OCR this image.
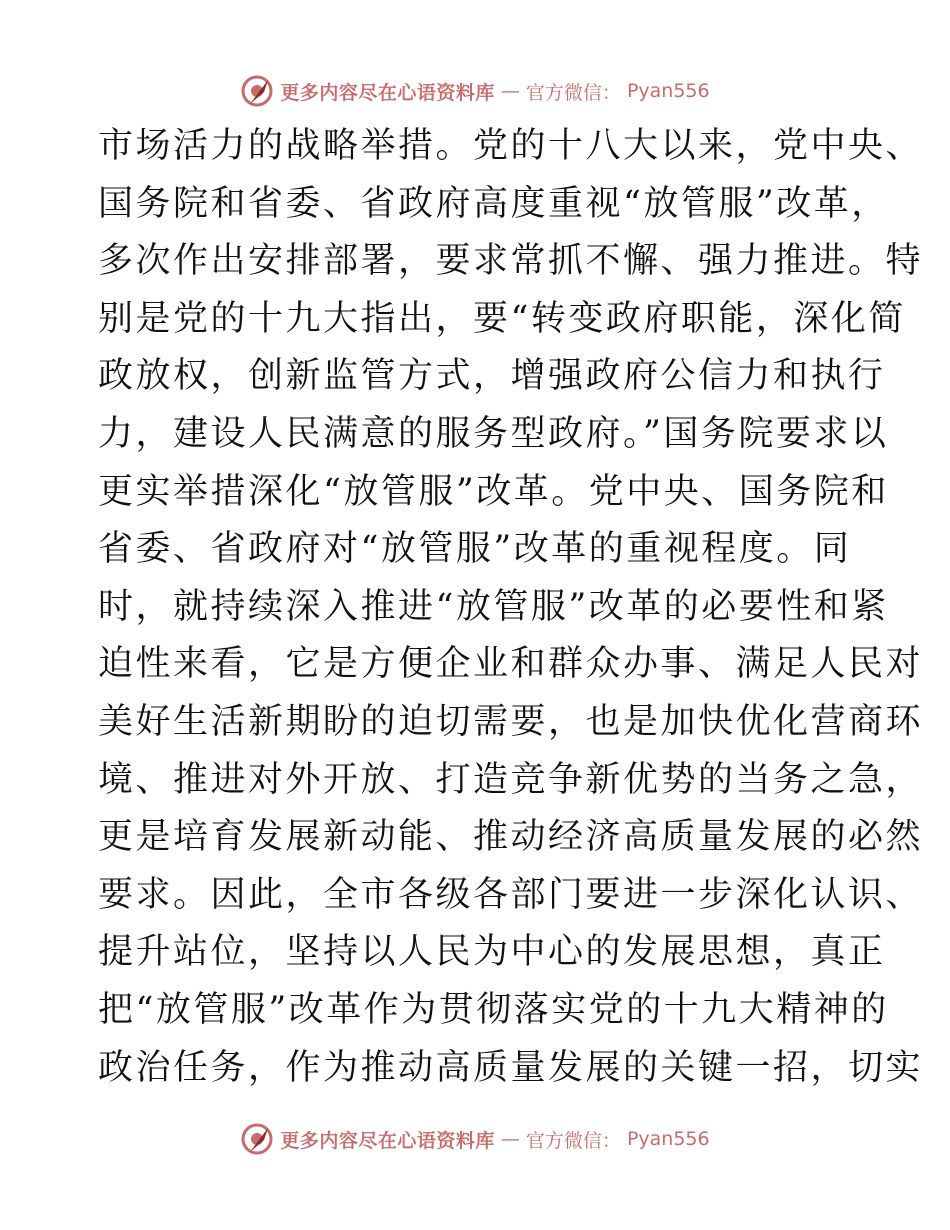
更多内容尽在心语资料库 — 官方微信： Pyan556
市场活力的战略举措。党的十八大以来，党中央、
国务院和省委、省政府高度重视“放管服”改革，
多次作出安排部署，要求常抓不懈、强力推进。特
别是党的十九大指出，要“转变政府职能，深化简
政放权，创新监管方式，增强政府公信力和执行
力，建设人民满意的服务型政府。”国务院要求以
更实举措深化“放管服”改革。党中央、国务院和
省委、省政府对“放管服”改革的重视程度。同
时，就持续深入推进“放管服”改革的必要性和紧
迫性来看，它是方便企业和群众办事、满足人民对
美好生活新期盼的迫切需要，也是加快优化营商环
境、推进对外开放、打造竞争新优势的当务之急，
更是培育发展新动能、推动经济高质量发展的必然
要求。因此，全市各级各部门要进一步深化认识、
提升站位，坚持以人民为中心的发展思想，真正
把“放管服”改革作为贯彻落实党的十九大精神的
政治任务，作为推动高质量发展的关键一招，切实
更多内容尽在心语资料库 — 官方微信： Pyan556
